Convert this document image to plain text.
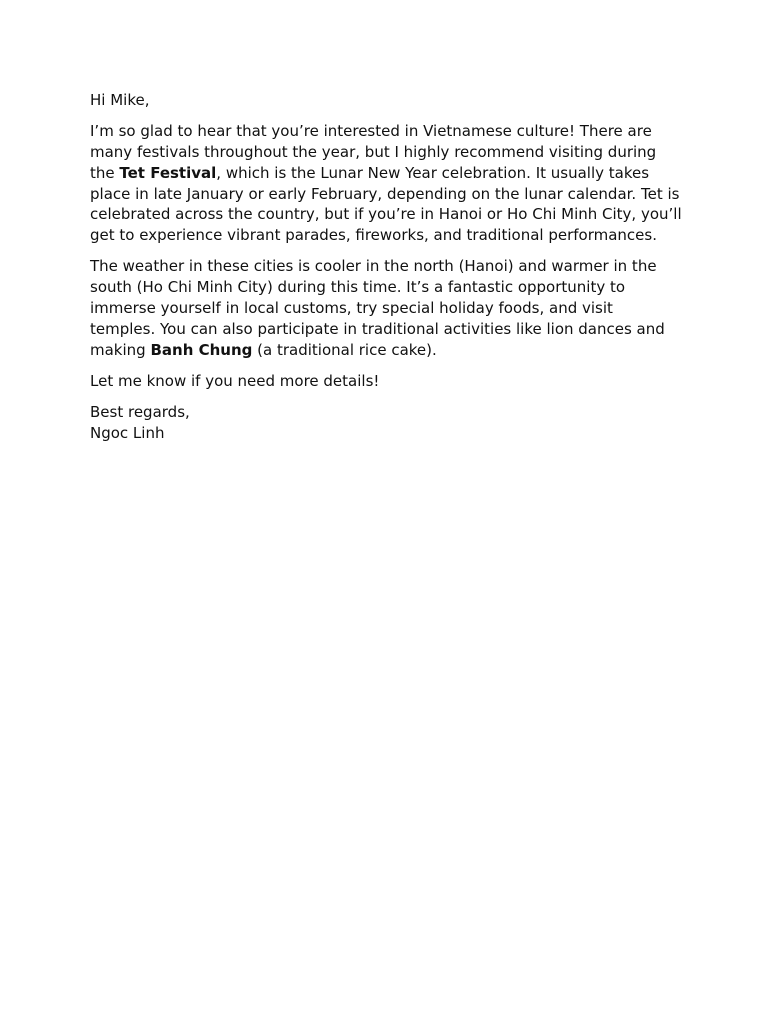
Hi Mike,

I’m so glad to hear that you’re interested in Vietnamese culture! There are many festivals throughout the year, but I highly recommend visiting during the Tet Festival, which is the Lunar New Year celebration. It usually takes place in late January or early February, depending on the lunar calendar. Tet is celebrated across the country, but if you’re in Hanoi or Ho Chi Minh City, you’ll get to experience vibrant parades, fireworks, and traditional performances.

The weather in these cities is cooler in the north (Hanoi) and warmer in the south (Ho Chi Minh City) during this time. It’s a fantastic opportunity to immerse yourself in local customs, try special holiday foods, and visit temples. You can also participate in traditional activities like lion dances and making Banh Chung (a traditional rice cake).

Let me know if you need more details!

Best regards,
Ngoc Linh
